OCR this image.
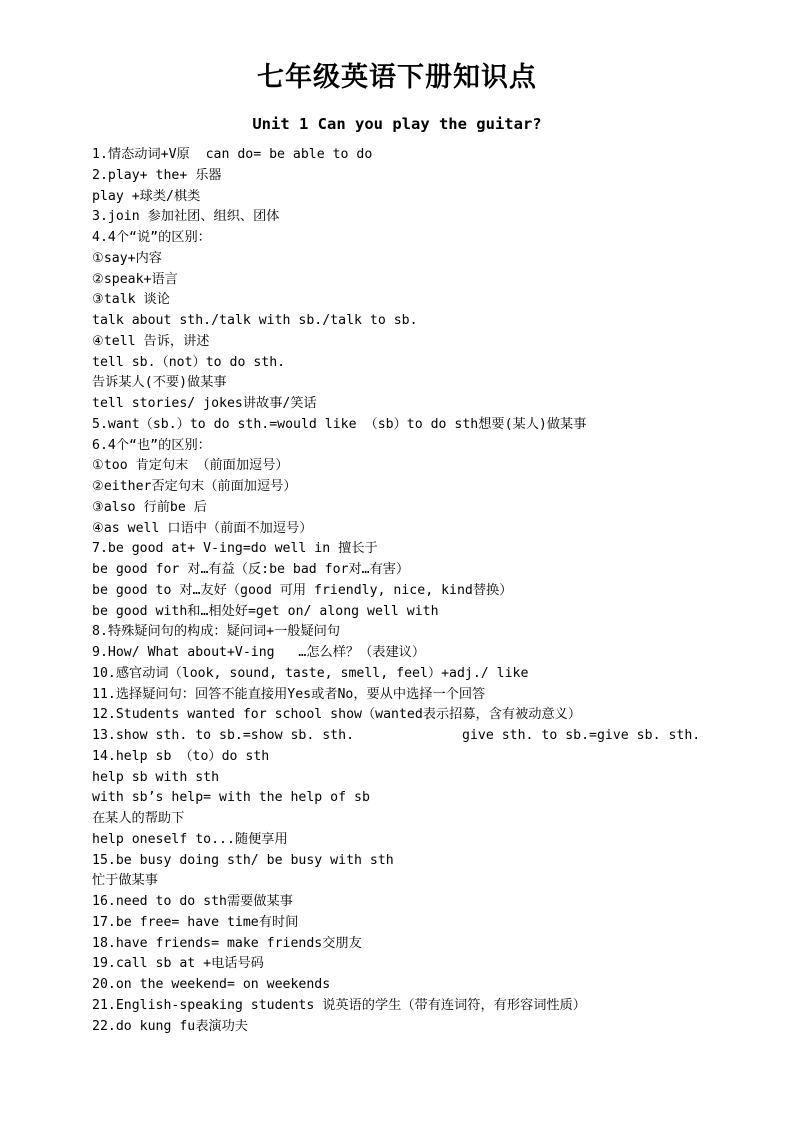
七年级英语下册知识点
Unit 1 Can you play the guitar?
1.情态动词+V原  can do= be able to do
2.play+ the+ 乐器
play +球类/棋类
3.join 参加社团、组织、团体
4.4个“说”的区别：
①say+内容
②speak+语言
③talk 谈论
talk about sth./talk with sb./talk to sb.
④tell 告诉，讲述
tell sb.（not）to do sth.
告诉某人(不要)做某事
tell stories/ jokes讲故事/笑话
5.want（sb.）to do sth.=would like （sb）to do sth想要(某人)做某事
6.4个“也”的区别：
①too 肯定句末 （前面加逗号）
②either否定句末（前面加逗号）
③also 行前be 后
④as well 口语中（前面不加逗号）
7.be good at+ V-ing=do well in 擅长于
be good for 对…有益（反:be bad for对…有害）
be good to 对…友好（good 可用 friendly, nice, kind替换）
be good with和…相处好=get on/ along well with
8.特殊疑问句的构成：疑问词+一般疑问句
9.How/ What about+V-ing   …怎么样？（表建议）
10.感官动词（look, sound, taste, smell, feel）+adj./ like
11.选择疑问句：回答不能直接用Yes或者No，要从中选择一个回答
12.Students wanted for school show（wanted表示招募，含有被动意义）
13.show sth. to sb.=show sb. sth.	give sth. to sb.=give sb. sth.
14.help sb （to）do sth
help sb with sth
with sb’s help= with the help of sb
在某人的帮助下
help oneself to...随便享用
15.be busy doing sth/ be busy with sth
忙于做某事
16.need to do sth需要做某事
17.be free= have time有时间
18.have friends= make friends交朋友
19.call sb at +电话号码
20.on the weekend= on weekends
21.English-speaking students 说英语的学生（带有连词符，有形容词性质）
22.do kung fu表演功夫
